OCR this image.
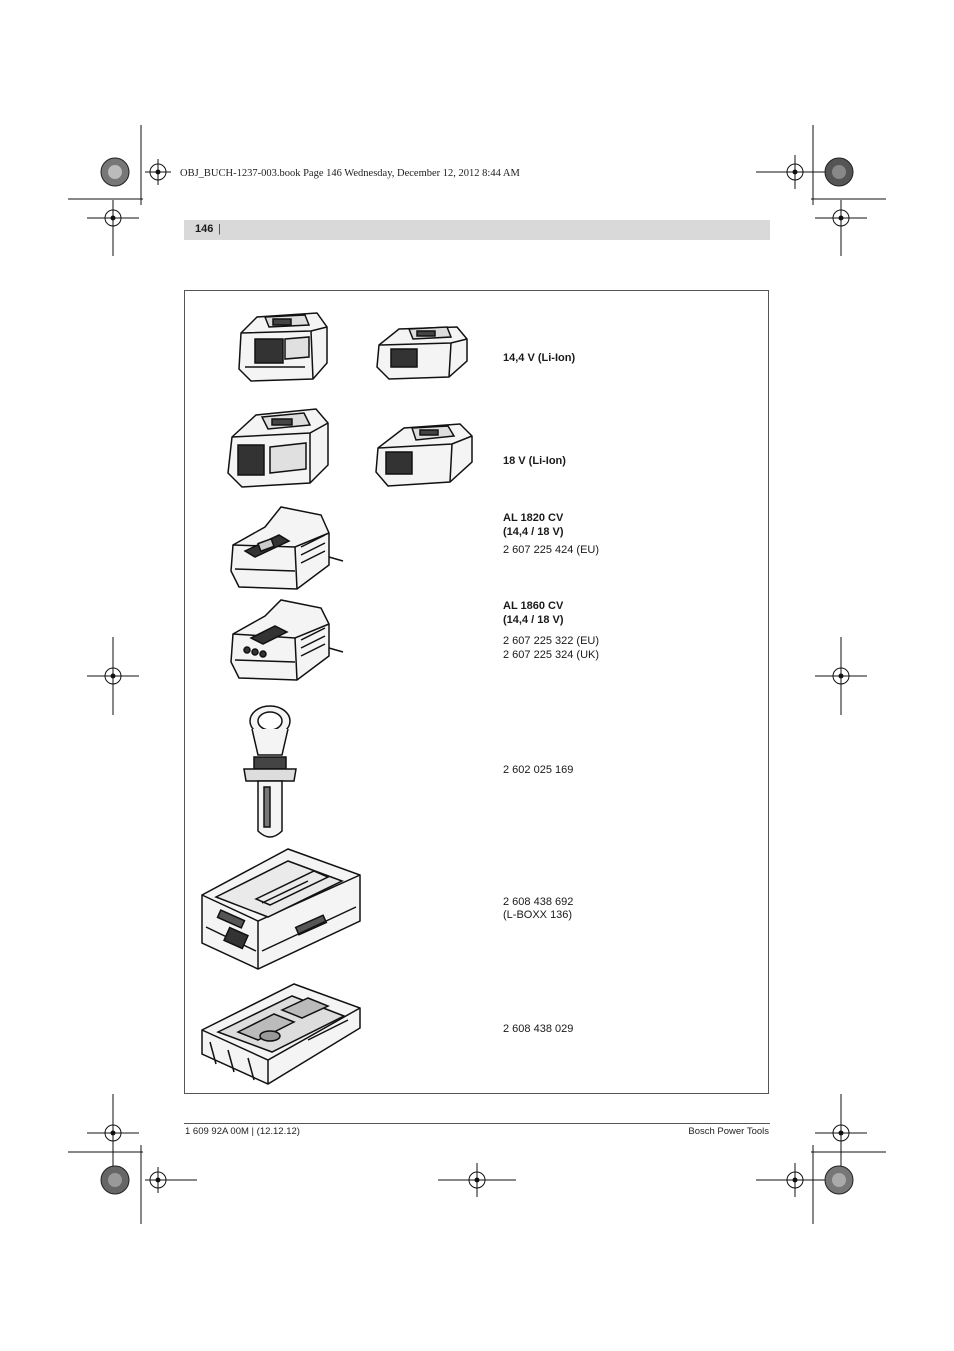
OBJ_BUCH-1237-003.book Page 146 Wednesday, December 12, 2012 8:44 AM
146 |
14,4 V (Li-Ion)
18 V (Li-Ion)
AL 1820 CV
(14,4 / 18 V)
2 607 225 424 (EU)
AL 1860 CV
(14,4 / 18 V)
2 607 225 322 (EU)
2 607 225 324 (UK)
2 602 025 169
2 608 438 692
(L-BOXX 136)
2 608 438 029
1 609 92A 00M | (12.12.12)	Bosch Power Tools
